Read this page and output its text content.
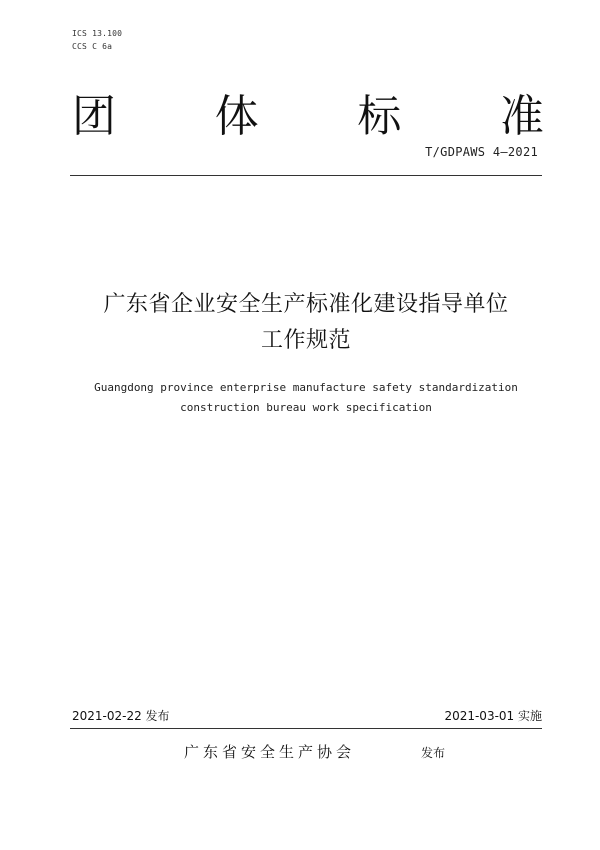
ICS 13.100
CCS C 6a
团 体 标 准
T/GDPAWS 4—2021
广东省企业安全生产标准化建设指导单位
工作规范
Guangdong province enterprise manufacture safety standardization
construction bureau work specification
2021-02-22 发布	2021-03-01 实施
广东省安全生产协会	发布
